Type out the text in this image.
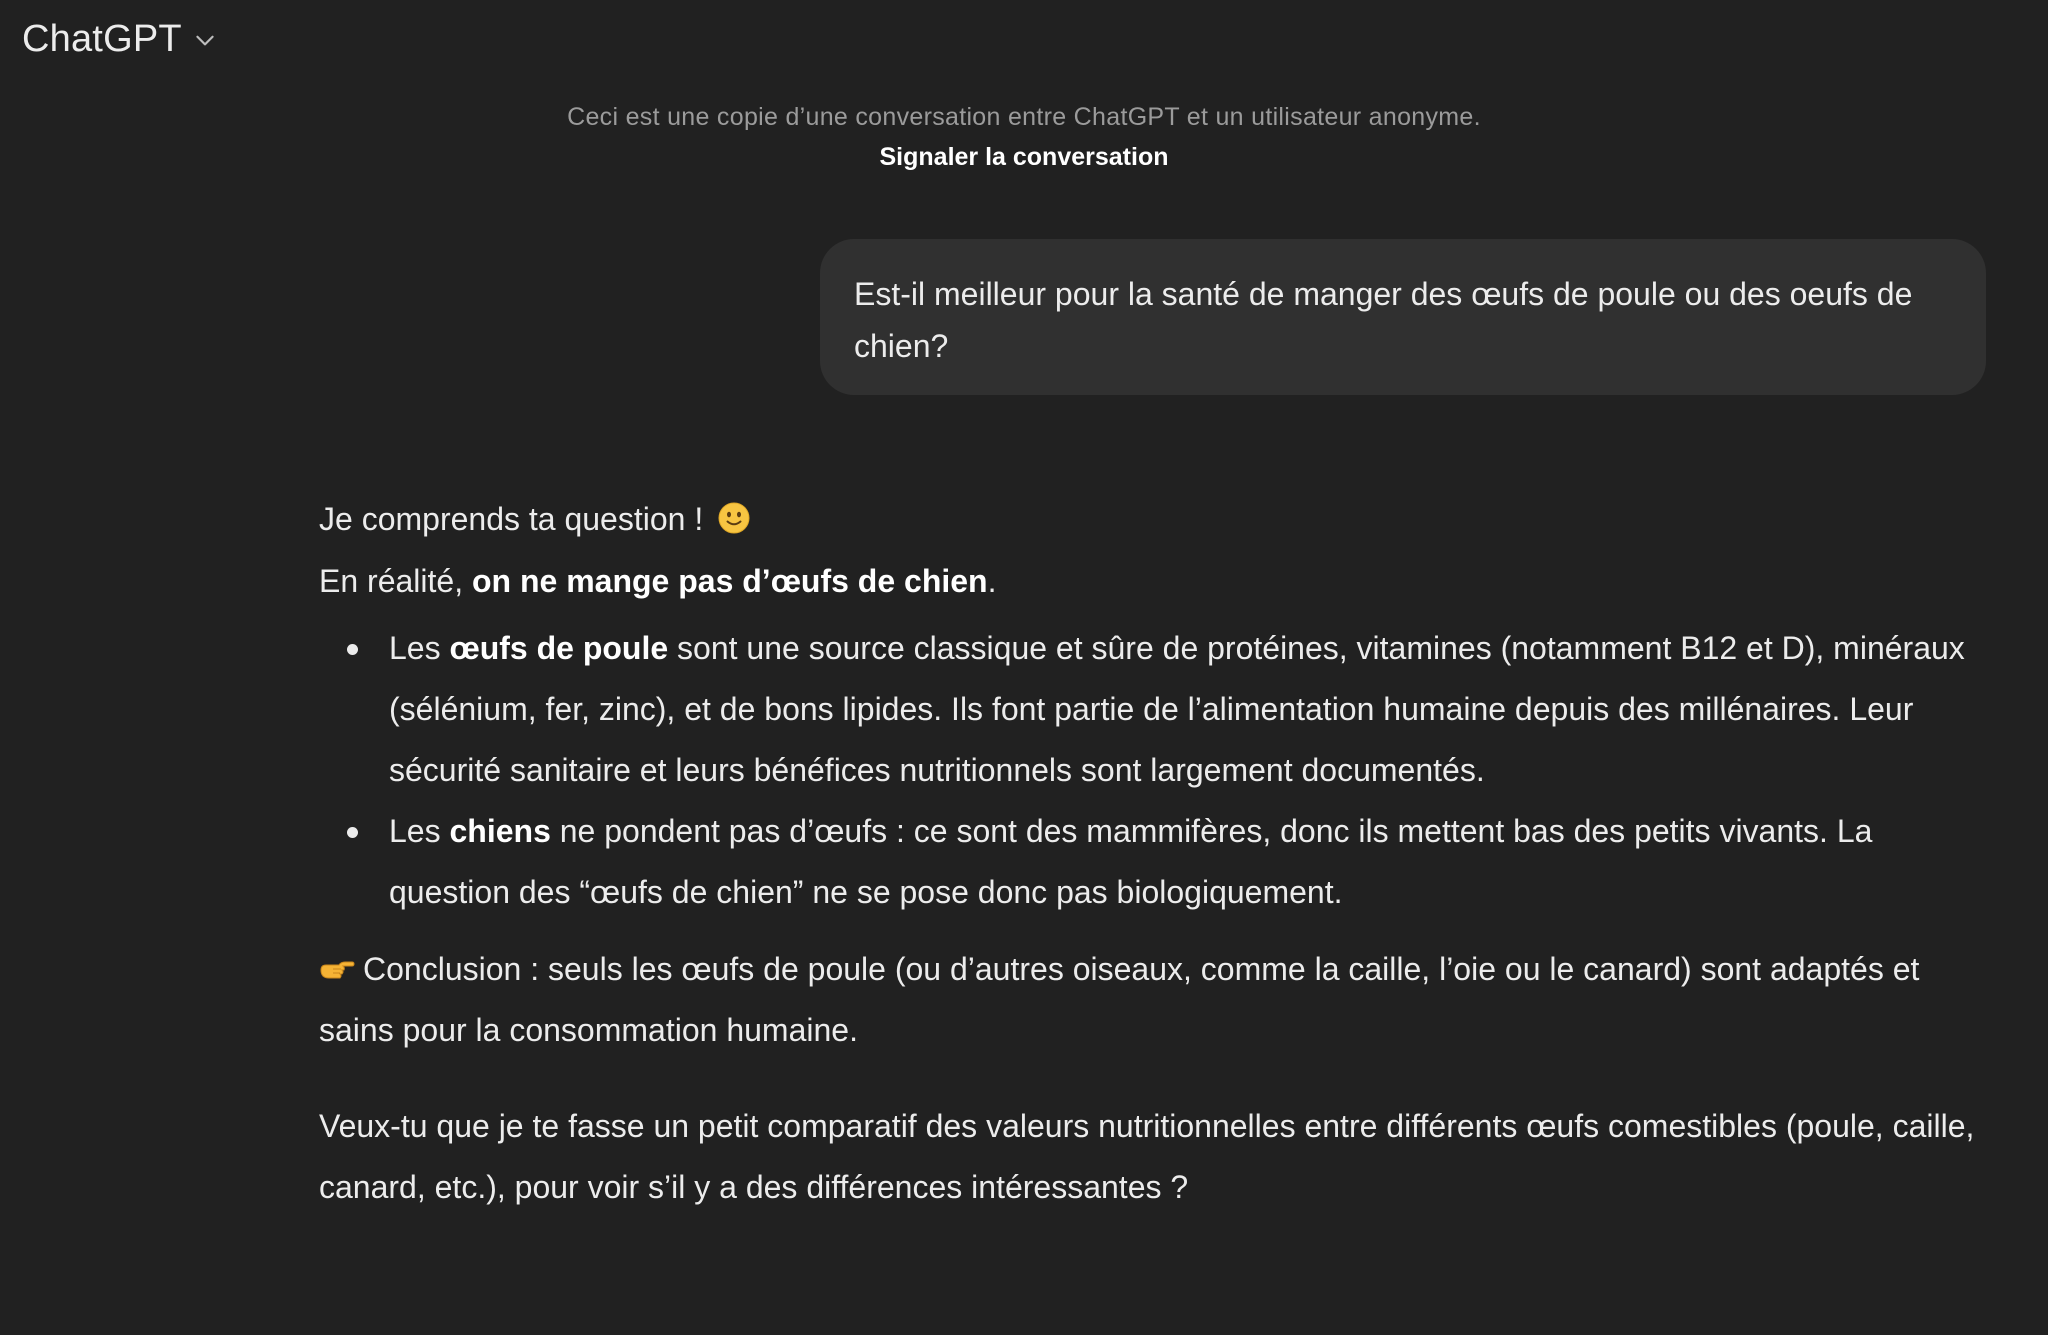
ChatGPT
Ceci est une copie d’une conversation entre ChatGPT et un utilisateur anonyme.
Signaler la conversation
Est-il meilleur pour la santé de manger des œufs de poule ou des oeufs de chien?
Je comprends ta question !
En réalité, on ne mange pas d’œufs de chien.
Les œufs de poule sont une source classique et sûre de protéines, vitamines (notamment B12 et D), minéraux (sélénium, fer, zinc), et de bons lipides. Ils font partie de l’alimentation humaine depuis des millénaires. Leur sécurité sanitaire et leurs bénéfices nutritionnels sont largement documentés.
Les chiens ne pondent pas d’œufs : ce sont des mammifères, donc ils mettent bas des petits vivants. La question des “œufs de chien” ne se pose donc pas biologiquement.
Conclusion : seuls les œufs de poule (ou d’autres oiseaux, comme la caille, l’oie ou le canard) sont adaptés et sains pour la consommation humaine.
Veux-tu que je te fasse un petit comparatif des valeurs nutritionnelles entre différents œufs comestibles (poule, caille, canard, etc.), pour voir s’il y a des différences intéressantes ?
